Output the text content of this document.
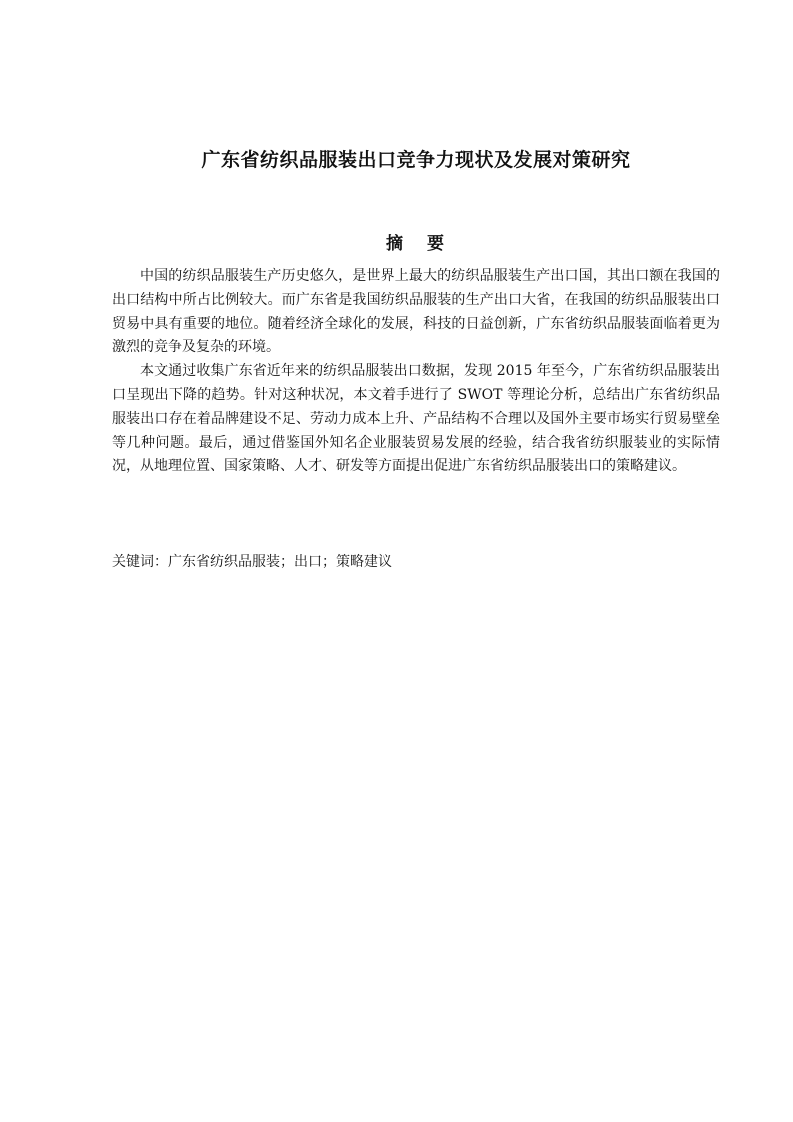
广东省纺织品服装出口竞争力现状及发展对策研究
摘 要

中国的纺织品服装生产历史悠久，是世界上最大的纺织品服装生产出口国，其出口额在我国的出口结构中所占比例较大。而广东省是我国纺织品服装的生产出口大省，在我国的纺织品服装出口贸易中具有重要的地位。随着经济全球化的发展，科技的日益创新，广东省纺织品服装面临着更为激烈的竞争及复杂的环境。

本文通过收集广东省近年来的纺织品服装出口数据，发现 2015 年至今，广东省纺织品服装出口呈现出下降的趋势。针对这种状况，本文着手进行了 SWOT 等理论分析，总结出广东省纺织品服装出口存在着品牌建设不足、劳动力成本上升、产品结构不合理以及国外主要市场实行贸易壁垒等几种问题。最后，通过借鉴国外知名企业服装贸易发展的经验，结合我省纺织服装业的实际情况，从地理位置、国家策略、人才、研发等方面提出促进广东省纺织品服装出口的策略建议。

关键词：广东省纺织品服装；出口；策略建议
